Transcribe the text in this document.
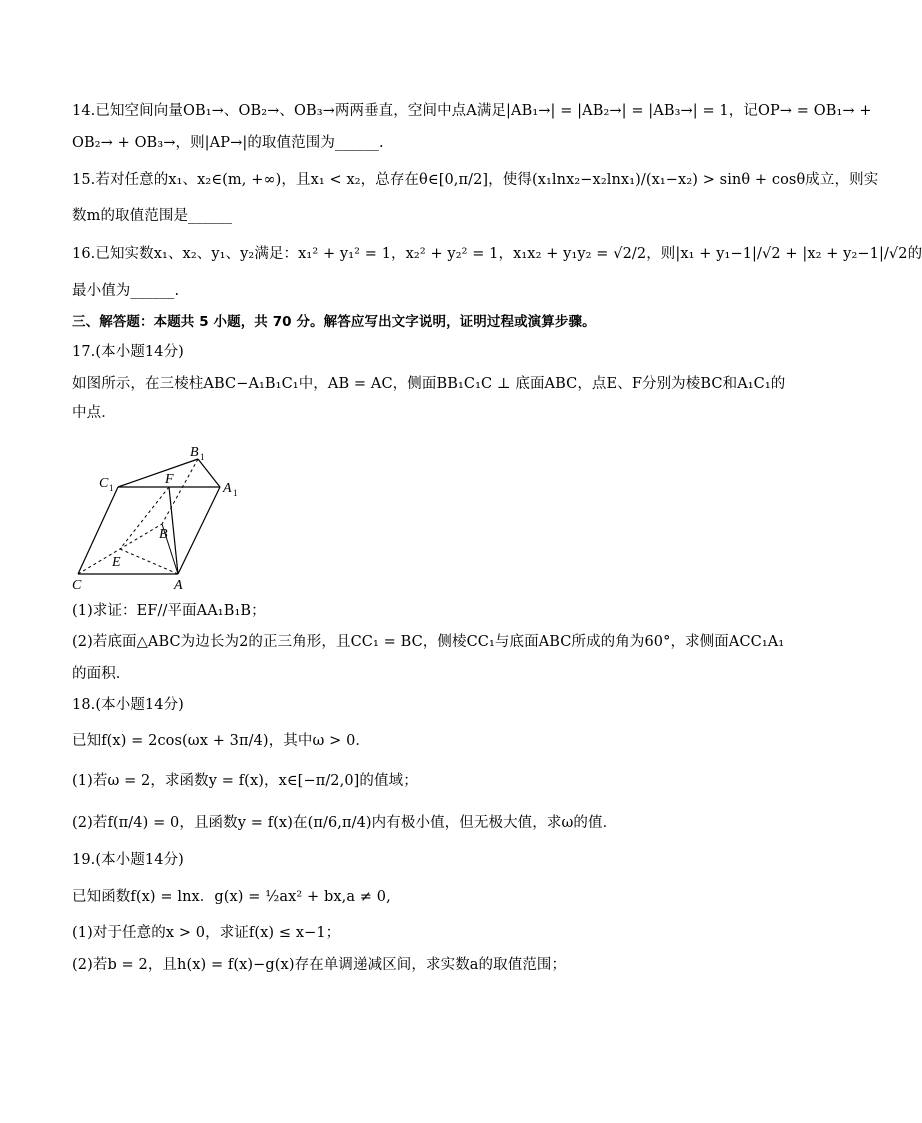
14.已知空间向量OB₁→、OB₂→、OB₃→两两垂直，空间中点A满足|AB₁→| = |AB₂→| = |AB₃→| = 1，记OP→ = OB₁→ +
OB₂→ + OB₃→，则|AP→|的取值范围为______.
15.若对任意的x₁、x₂∈(m, +∞)，且x₁ < x₂，总存在θ∈[0,π/2]，使得(x₁lnx₂−x₂lnx₁)/(x₁−x₂) > sinθ + cosθ成立，则实
数m的取值范围是______
16.已知实数x₁、x₂、y₁、y₂满足：x₁² + y₁² = 1，x₂² + y₂² = 1，x₁x₂ + y₁y₂ = √2/2，则|x₁ + y₁−1|/√2 + |x₂ + y₂−1|/√2的
最小值为______.
三、解答题：本题共 5 小题，共 70 分。解答应写出文字说明，证明过程或演算步骤。
17.(本小题14分)
如图所示，在三棱柱ABC−A₁B₁C₁中，AB = AC，侧面BB₁C₁C ⊥ 底面ABC，点E、F分别为棱BC和A₁C₁的
中点．
B 1
C 1	A 1
F
B
E
C	A
(1)求证：EF//平面AA₁B₁B；
(2)若底面△ABC为边长为2的正三角形，且CC₁ = BC，侧棱CC₁与底面ABC所成的角为60°，求侧面ACC₁A₁
的面积．
18.(本小题14分)
已知f(x) = 2cos(ωx + 3π/4)，其中ω > 0．
(1)若ω = 2，求函数y = f(x)，x∈[−π/2,0]的值域；
(2)若f(π/4) = 0，且函数y = f(x)在(π/6,π/4)内有极小值，但无极大值，求ω的值．
19.(本小题14分)
已知函数f(x) = lnx．g(x) = ½ax² + bx,a ≠ 0,
(1)对于任意的x > 0，求证f(x) ≤ x−1；
(2)若b = 2，且h(x) = f(x)−g(x)存在单调递减区间，求实数a的取值范围；
